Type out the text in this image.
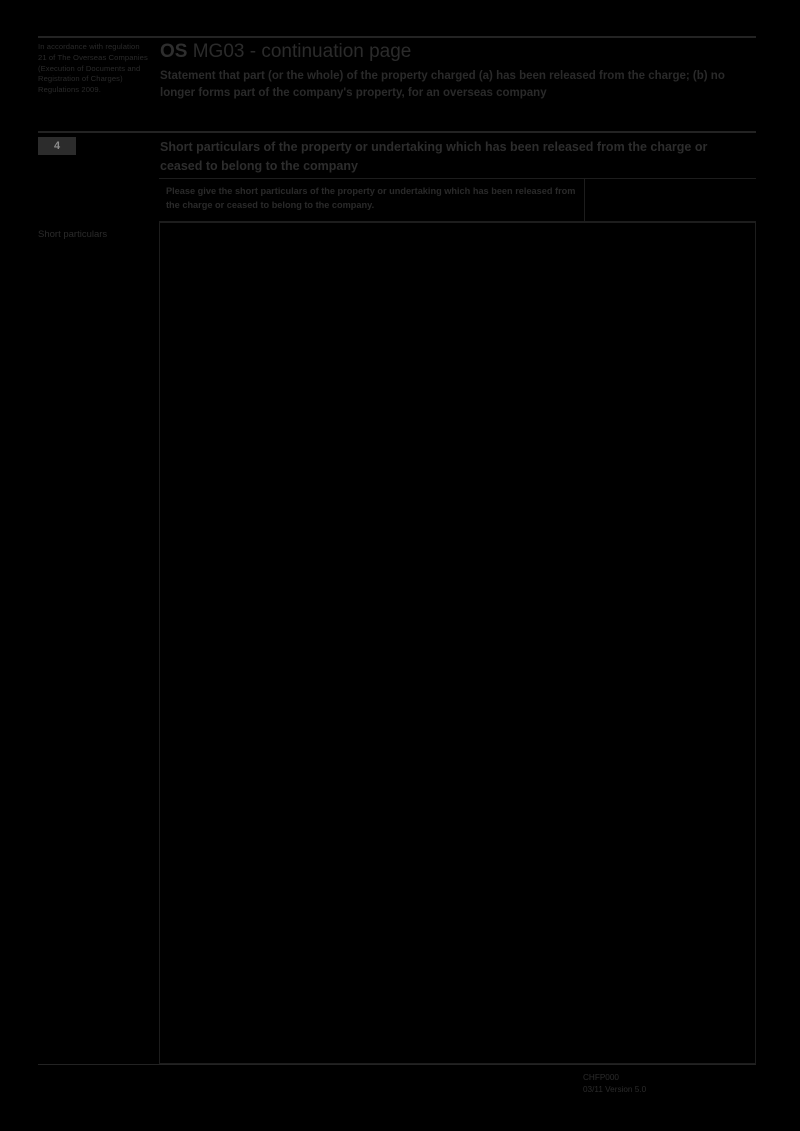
In accordance with regulation 21 of The Overseas Companies (Execution of Documents and Registration of Charges) Regulations 2009.
OS MG03 - continuation page
Statement that part (or the whole) of the property charged (a) has been released from the charge; (b) no longer forms part of the company's property, for an overseas company
4	Short particulars of the property or undertaking which has been released from the charge or ceased to belong to the company
Please give the short particulars of the property or undertaking which has been released from the charge or ceased to belong to the company.
Short particulars
CHFP000
03/11 Version 5.0
